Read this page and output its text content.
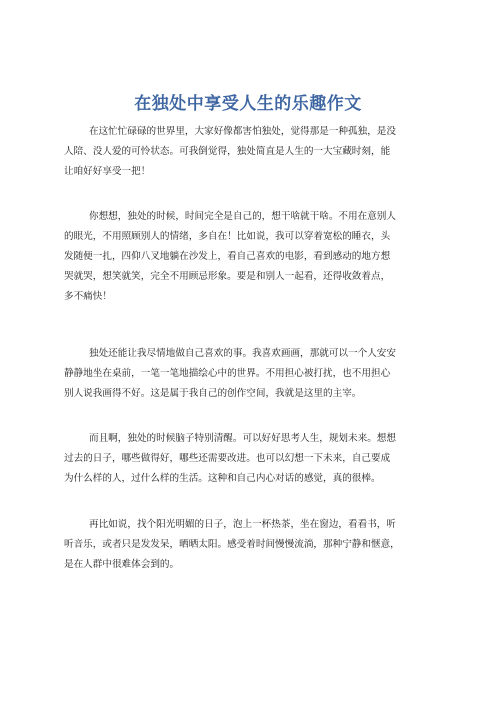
在独处中享受人生的乐趣作文
在这忙忙碌碌的世界里，大家好像都害怕独处，觉得那是一种孤独，是没
人陪、没人爱的可怜状态。可我倒觉得，独处简直是人生的一大宝藏时刻，能
让咱好好享受一把！
你想想，独处的时候，时间完全是自己的，想干啥就干啥。不用在意别人
的眼光，不用照顾别人的情绪，多自在！比如说，我可以穿着宽松的睡衣，头
发随便一扎，四仰八叉地躺在沙发上，看自己喜欢的电影，看到感动的地方想
哭就哭，想笑就笑，完全不用顾忌形象。要是和别人一起看，还得收敛着点，
多不痛快！
独处还能让我尽情地做自己喜欢的事。我喜欢画画，那就可以一个人安安
静静地坐在桌前，一笔一笔地描绘心中的世界。不用担心被打扰，也不用担心
别人说我画得不好。这是属于我自己的创作空间，我就是这里的主宰。
而且啊，独处的时候脑子特别清醒。可以好好思考人生，规划未来。想想
过去的日子，哪些做得好，哪些还需要改进。也可以幻想一下未来，自己要成
为什么样的人，过什么样的生活。这种和自己内心对话的感觉，真的很棒。
再比如说，找个阳光明媚的日子，泡上一杯热茶，坐在窗边，看看书，听
听音乐，或者只是发发呆，晒晒太阳。感受着时间慢慢流淌，那种宁静和惬意，
是在人群中很难体会到的。
